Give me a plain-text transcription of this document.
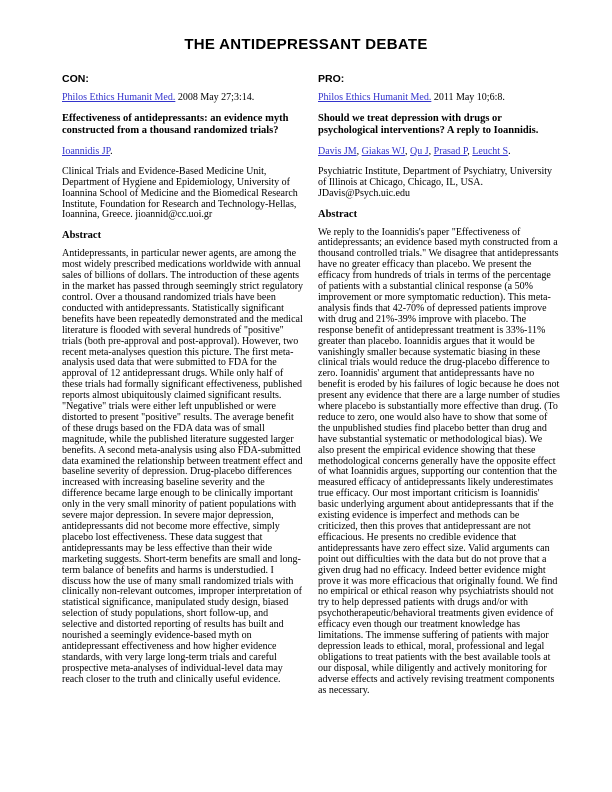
THE ANTIDEPRESSANT DEBATE
CON:

Philos Ethics Humanit Med. 2008 May 27;3:14.

Effectiveness of antidepressants: an evidence myth constructed from a thousand randomized trials?

Ioannidis JP.

Clinical Trials and Evidence-Based Medicine Unit, Department of Hygiene and Epidemiology, University of Ioannina School of Medicine and the Biomedical Research Institute, Foundation for Research and Technology-Hellas, Ioannina, Greece. jioannid@cc.uoi.gr

Abstract

Antidepressants, in particular newer agents, are among the most widely prescribed medications worldwide with annual sales of billions of dollars. The introduction of these agents in the market has passed through seemingly strict regulatory control. Over a thousand randomized trials have been conducted with antidepressants. Statistically significant benefits have been repeatedly demonstrated and the medical literature is flooded with several hundreds of "positive" trials (both pre-approval and post-approval). However, two recent meta-analyses question this picture. The first meta-analysis used data that were submitted to FDA for the approval of 12 antidepressant drugs. While only half of these trials had formally significant effectiveness, published reports almost ubiquitously claimed significant results. "Negative" trials were either left unpublished or were distorted to present "positive" results. The average benefit of these drugs based on the FDA data was of small magnitude, while the published literature suggested larger benefits. A second meta-analysis using also FDA-submitted data examined the relationship between treatment effect and baseline severity of depression. Drug-placebo differences increased with increasing baseline severity and the difference became large enough to be clinically important only in the very small minority of patient populations with severe major depression. In severe major depression, antidepressants did not become more effective, simply placebo lost effectiveness. These data suggest that antidepressants may be less effective than their wide marketing suggests. Short-term benefits are small and long-term balance of benefits and harms is understudied. I discuss how the use of many small randomized trials with clinically non-relevant outcomes, improper interpretation of statistical significance, manipulated study design, biased selection of study populations, short follow-up, and selective and distorted reporting of results has built and nourished a seemingly evidence-based myth on antidepressant effectiveness and how higher evidence standards, with very large long-term trials and careful prospective meta-analyses of individual-level data may reach closer to the truth and clinically useful evidence.

PRO:

Philos Ethics Humanit Med. 2011 May 10;6:8.

Should we treat depression with drugs or psychological interventions? A reply to Ioannidis.

Davis JM, Giakas WJ, Qu J, Prasad P, Leucht S.

Psychiatric Institute, Department of Psychiatry, University of Illinois at Chicago, Chicago, IL, USA. JDavis@Psych.uic.edu

Abstract

We reply to the Ioannidis's paper "Effectiveness of antidepressants; an evidence based myth constructed from a thousand controlled trials." We disagree that antidepressants have no greater efficacy than placebo. We present the efficacy from hundreds of trials in terms of the percentage of patients with a substantial clinical response (a 50% improvement or more symptomatic reduction). This meta-analysis finds that 42-70% of depressed patients improve with drug and 21%-39% improve with placebo. The response benefit of antidepressant treatment is 33%-11% greater than placebo. Ioannidis argues that it would be vanishingly smaller because systematic biasing in these clinical trials would reduce the drug-placebo difference to zero. Ioannidis' argument that antidepressants have no benefit is eroded by his failures of logic because he does not present any evidence that there are a large number of studies where placebo is substantially more effective than drug. (To reduce to zero, one would also have to show that some of the unpublished studies find placebo better than drug and have substantial systematic or methodological bias). We also present the empirical evidence showing that these methodological concerns generally have the opposite effect of what Ioannidis argues, supporting our contention that the measured efficacy of antidepressants likely underestimates true efficacy. Our most important criticism is Ioannidis' basic underlying argument about antidepressants that if the existing evidence is imperfect and methods can be criticized, then this proves that antidepressant are not efficacious. He presents no credible evidence that antidepressants have zero effect size. Valid arguments can point out difficulties with the data but do not prove that a given drug had no efficacy. Indeed better evidence might prove it was more efficacious that originally found. We find no empirical or ethical reason why psychiatrists should not try to help depressed patients with drugs and/or with psychotherapeutic/behavioral treatments given evidence of efficacy even though our treatment knowledge has limitations. The immense suffering of patients with major depression leads to ethical, moral, professional and legal obligations to treat patients with the best available tools at our disposal, while diligently and actively monitoring for adverse effects and actively revising treatment components as necessary.
